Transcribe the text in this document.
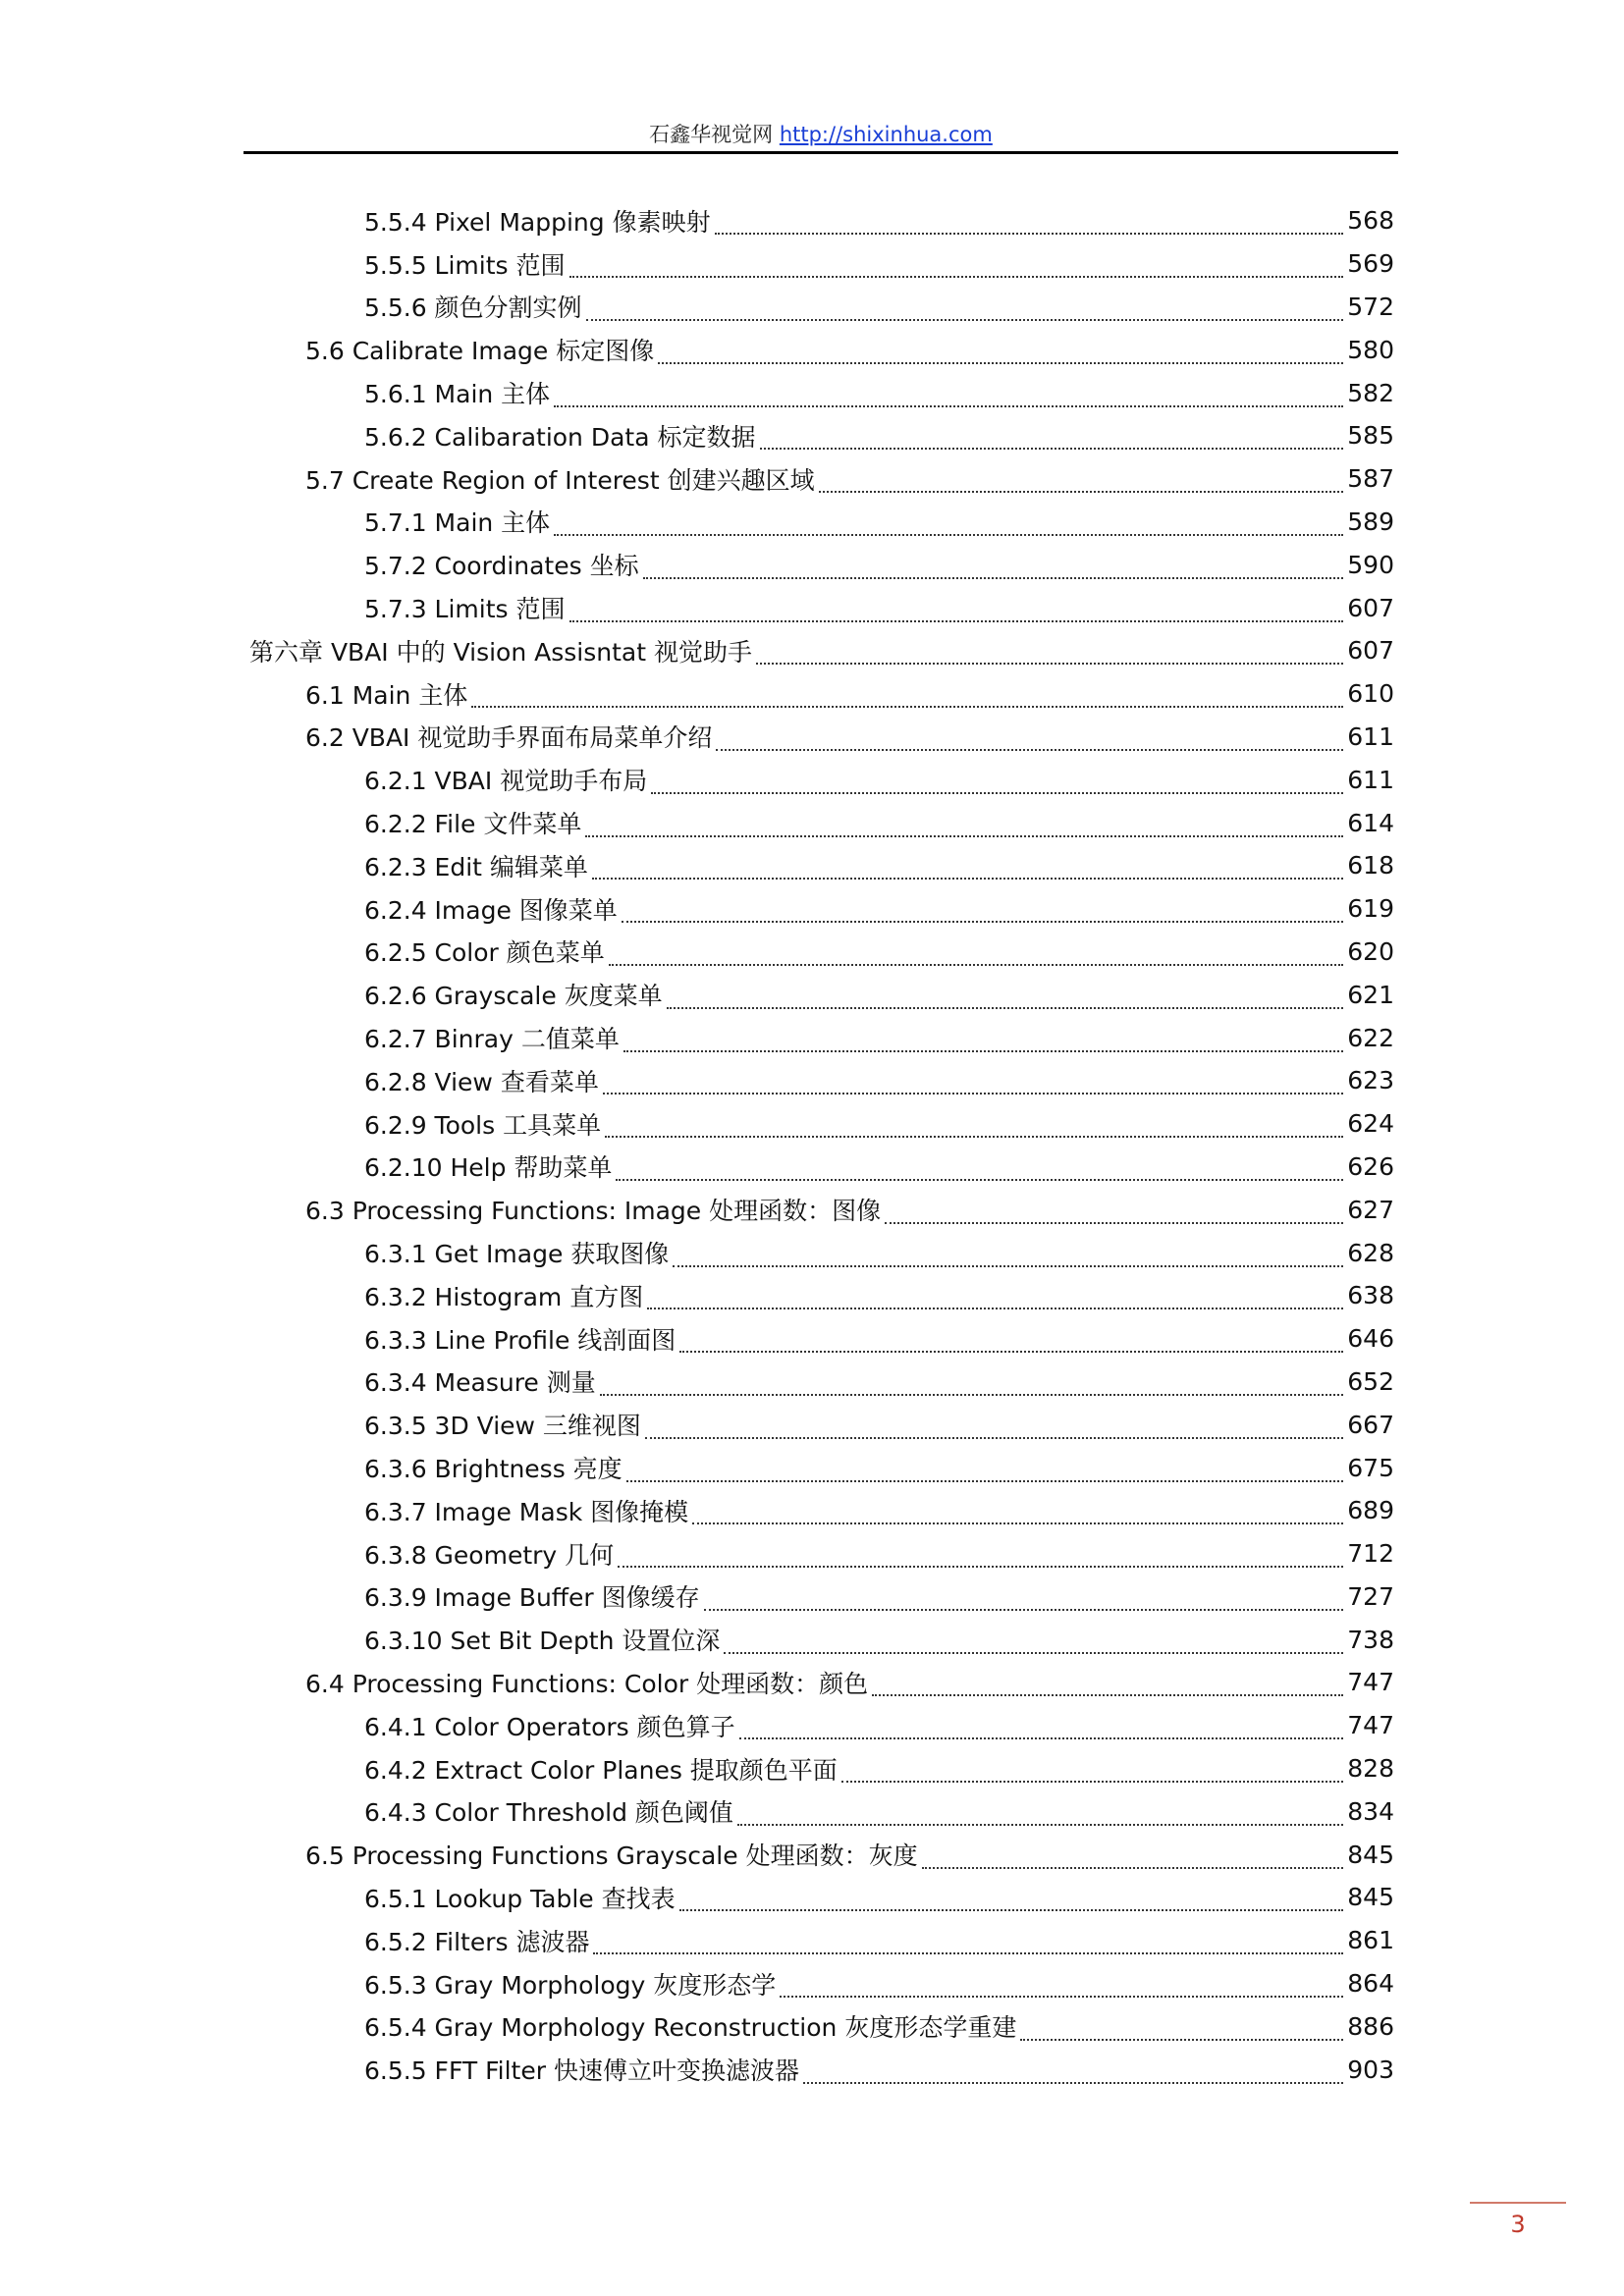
石鑫华视觉网 http://shixinhua.com
5.5.4 Pixel Mapping 像素映射	568
5.5.5 Limits 范围	569
5.5.6 颜色分割实例	572
5.6 Calibrate Image 标定图像	580
5.6.1 Main 主体	582
5.6.2 Calibaration Data 标定数据	585
5.7 Create Region of Interest 创建兴趣区域	587
5.7.1 Main 主体	589
5.7.2 Coordinates 坐标	590
5.7.3 Limits 范围	607
第六章 VBAI 中的 Vision Assisntat 视觉助手	607
6.1 Main 主体	610
6.2 VBAI 视觉助手界面布局菜单介绍	611
6.2.1 VBAI 视觉助手布局	611
6.2.2 File 文件菜单	614
6.2.3 Edit 编辑菜单	618
6.2.4 Image 图像菜单	619
6.2.5 Color 颜色菜单	620
6.2.6 Grayscale 灰度菜单	621
6.2.7 Binray 二值菜单	622
6.2.8 View 查看菜单	623
6.2.9 Tools 工具菜单	624
6.2.10 Help 帮助菜单	626
6.3 Processing Functions: Image 处理函数：图像	627
6.3.1 Get Image 获取图像	628
6.3.2 Histogram 直方图	638
6.3.3 Line Profile 线剖面图	646
6.3.4 Measure 测量	652
6.3.5 3D View 三维视图	667
6.3.6 Brightness 亮度	675
6.3.7 Image Mask 图像掩模	689
6.3.8 Geometry 几何	712
6.3.9 Image Buffer 图像缓存	727
6.3.10 Set Bit Depth 设置位深	738
6.4 Processing Functions: Color 处理函数：颜色	747
6.4.1 Color Operators 颜色算子	747
6.4.2 Extract Color Planes 提取颜色平面	828
6.4.3 Color Threshold 颜色阈值	834
6.5 Processing Functions Grayscale 处理函数：灰度	845
6.5.1 Lookup Table 查找表	845
6.5.2 Filters 滤波器	861
6.5.3 Gray Morphology 灰度形态学	864
6.5.4 Gray Morphology Reconstruction 灰度形态学重建	886
6.5.5 FFT Filter 快速傅立叶变换滤波器	903
3
